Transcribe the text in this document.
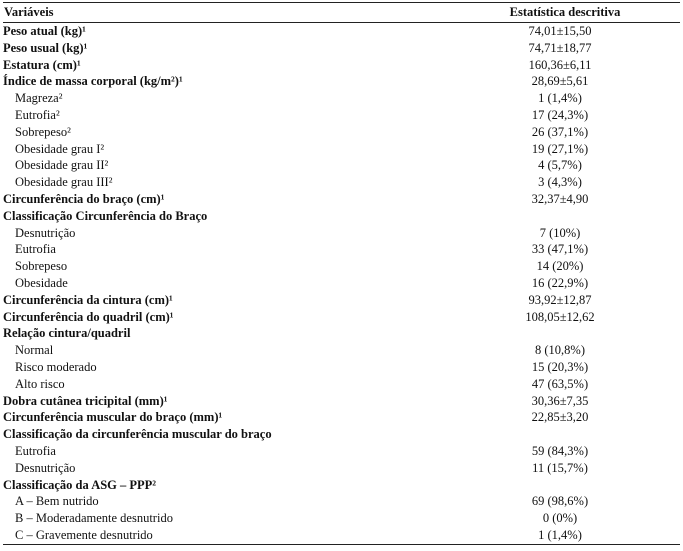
Variáveis	Estatística descritiva
Peso atual (kg)¹	74,01±15,50
Peso usual (kg)¹	74,71±18,77
Estatura (cm)¹	160,36±6,11
Índice de massa corporal (kg/m²)¹	28,69±5,61
Magreza²	1 (1,4%)
Eutrofia²	17 (24,3%)
Sobrepeso²	26 (37,1%)
Obesidade grau I²	19 (27,1%)
Obesidade grau II²	4 (5,7%)
Obesidade grau III²	3 (4,3%)
Circunferência do braço (cm)¹	32,37±4,90
Classificação Circunferência do Braço
Desnutrição	7 (10%)
Eutrofia	33 (47,1%)
Sobrepeso	14 (20%)
Obesidade	16 (22,9%)
Circunferência da cintura (cm)¹	93,92±12,87
Circunferência do quadril (cm)¹	108,05±12,62
Relação cintura/quadril
Normal	8 (10,8%)
Risco moderado	15 (20,3%)
Alto risco	47 (63,5%)
Dobra cutânea tricipital (mm)¹	30,36±7,35
Circunferência muscular do braço (mm)¹	22,85±3,20
Classificação da circunferência muscular do braço
Eutrofia	59 (84,3%)
Desnutrição	11 (15,7%)
Classificação da ASG – PPP²
A – Bem nutrido	69 (98,6%)
B – Moderadamente desnutrido	0 (0%)
C – Gravemente desnutrido	1 (1,4%)
